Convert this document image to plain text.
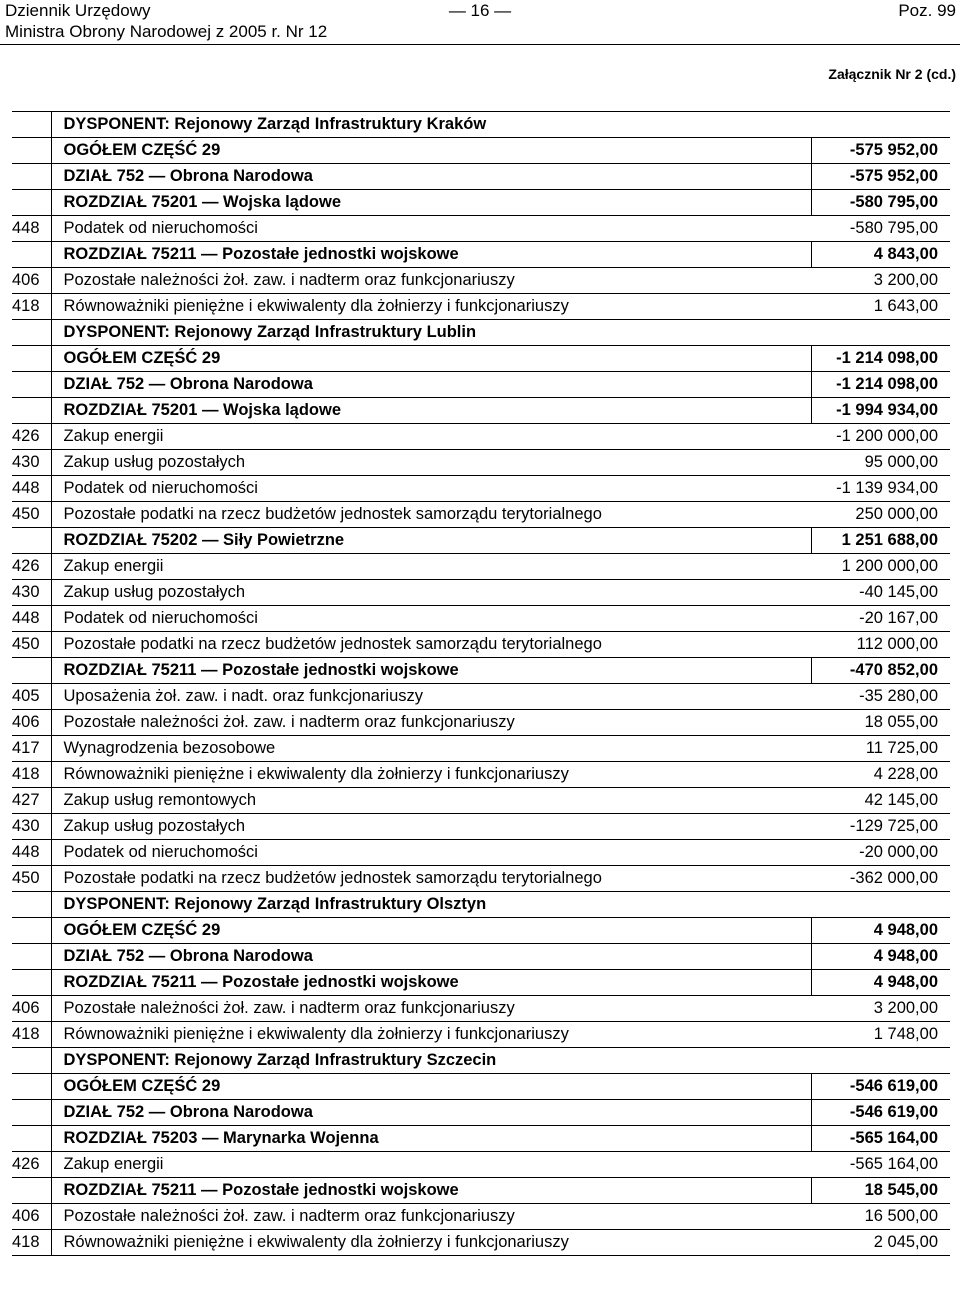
Dziennik Urzędowy
Ministra Obrony Narodowej z 2005 r. Nr 12
— 16 —	Poz. 99
Załącznik Nr 2 (cd.)
	DYSPONENT: Rejonowy Zarząd Infrastruktury Kraków	
	OGÓŁEM CZĘŚĆ 29	-575 952,00
	DZIAŁ 752 — Obrona Narodowa	-575 952,00
	ROZDZIAŁ 75201 — Wojska lądowe	-580 795,00
448	Podatek od nieruchomości	-580 795,00
	ROZDZIAŁ 75211 — Pozostałe jednostki wojskowe	4 843,00
406	Pozostałe należności żoł. zaw. i nadterm oraz funkcjonariuszy	3 200,00
418	Równoważniki pieniężne i ekwiwalenty dla żołnierzy i funkcjonariuszy	1 643,00
	DYSPONENT: Rejonowy Zarząd Infrastruktury Lublin	
	OGÓŁEM CZĘŚĆ 29	-1 214 098,00
	DZIAŁ 752 — Obrona Narodowa	-1 214 098,00
	ROZDZIAŁ 75201 — Wojska lądowe	-1 994 934,00
426	Zakup energii	-1 200 000,00
430	Zakup usług pozostałych	95 000,00
448	Podatek od nieruchomości	-1 139 934,00
450	Pozostałe podatki na rzecz budżetów jednostek samorządu terytorialnego	250 000,00
	ROZDZIAŁ 75202 — Siły Powietrzne	1 251 688,00
426	Zakup energii	1 200 000,00
430	Zakup usług pozostałych	-40 145,00
448	Podatek od nieruchomości	-20 167,00
450	Pozostałe podatki na rzecz budżetów jednostek samorządu terytorialnego	112 000,00
	ROZDZIAŁ 75211 — Pozostałe jednostki wojskowe	-470 852,00
405	Uposażenia żoł. zaw. i nadt. oraz funkcjonariuszy	-35 280,00
406	Pozostałe należności żoł. zaw. i nadterm oraz funkcjonariuszy	18 055,00
417	Wynagrodzenia bezosobowe	11 725,00
418	Równoważniki pieniężne i ekwiwalenty dla żołnierzy i funkcjonariuszy	4 228,00
427	Zakup usług remontowych	42 145,00
430	Zakup usług pozostałych	-129 725,00
448	Podatek od nieruchomości	-20 000,00
450	Pozostałe podatki na rzecz budżetów jednostek samorządu terytorialnego	-362 000,00
	DYSPONENT: Rejonowy Zarząd Infrastruktury Olsztyn	
	OGÓŁEM CZĘŚĆ 29	4 948,00
	DZIAŁ 752 — Obrona Narodowa	4 948,00
	ROZDZIAŁ 75211 — Pozostałe jednostki wojskowe	4 948,00
406	Pozostałe należności żoł. zaw. i nadterm oraz funkcjonariuszy	3 200,00
418	Równoważniki pieniężne i ekwiwalenty dla żołnierzy i funkcjonariuszy	1 748,00
	DYSPONENT: Rejonowy Zarząd Infrastruktury Szczecin	
	OGÓŁEM CZĘŚĆ 29	-546 619,00
	DZIAŁ 752 — Obrona Narodowa	-546 619,00
	ROZDZIAŁ 75203 — Marynarka Wojenna	-565 164,00
426	Zakup energii	-565 164,00
	ROZDZIAŁ 75211 — Pozostałe jednostki wojskowe	18 545,00
406	Pozostałe należności żoł. zaw. i nadterm oraz funkcjonariuszy	16 500,00
418	Równoważniki pieniężne i ekwiwalenty dla żołnierzy i funkcjonariuszy	2 045,00
